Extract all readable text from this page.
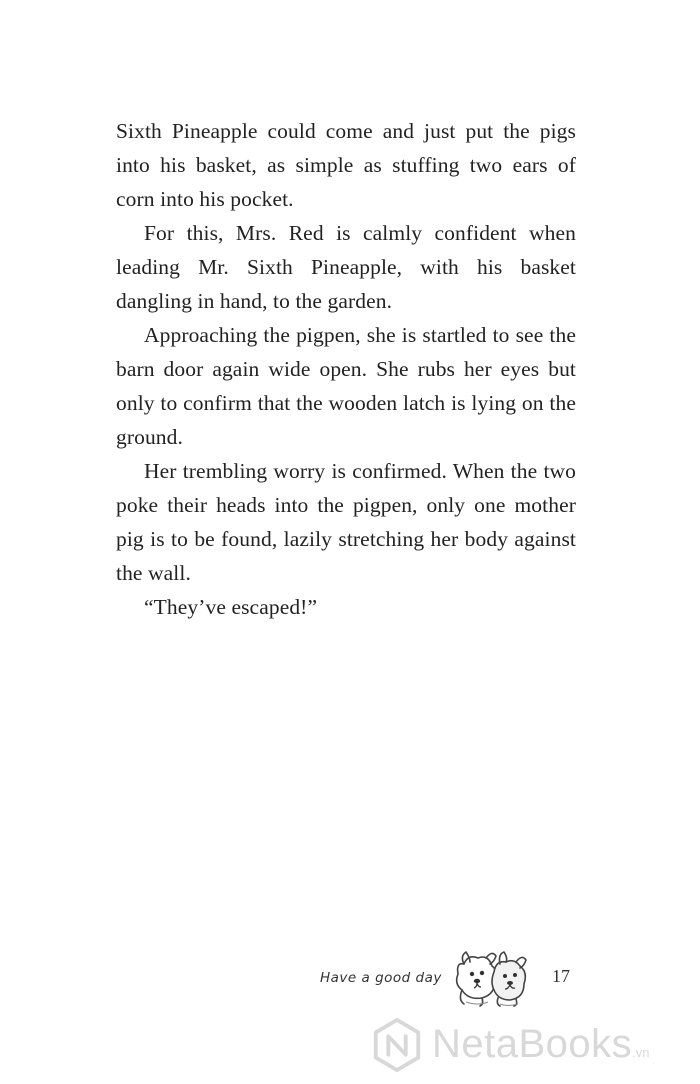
Sixth Pineapple could come and just put the pigs into his basket, as simple as stuffing two ears of corn into his pocket.

For this, Mrs. Red is calmly confident when leading Mr. Sixth Pineapple, with his basket dangling in hand, to the garden.

Approaching the pigpen, she is startled to see the barn door again wide open. She rubs her eyes but only to confirm that the wooden latch is lying on the ground.

Her trembling worry is confirmed. When the two poke their heads into the pigpen, only one mother pig is to be found, lazily stretching her body against the wall.

“They’ve escaped!”

Have a good day	17
NetaBooks.vn
